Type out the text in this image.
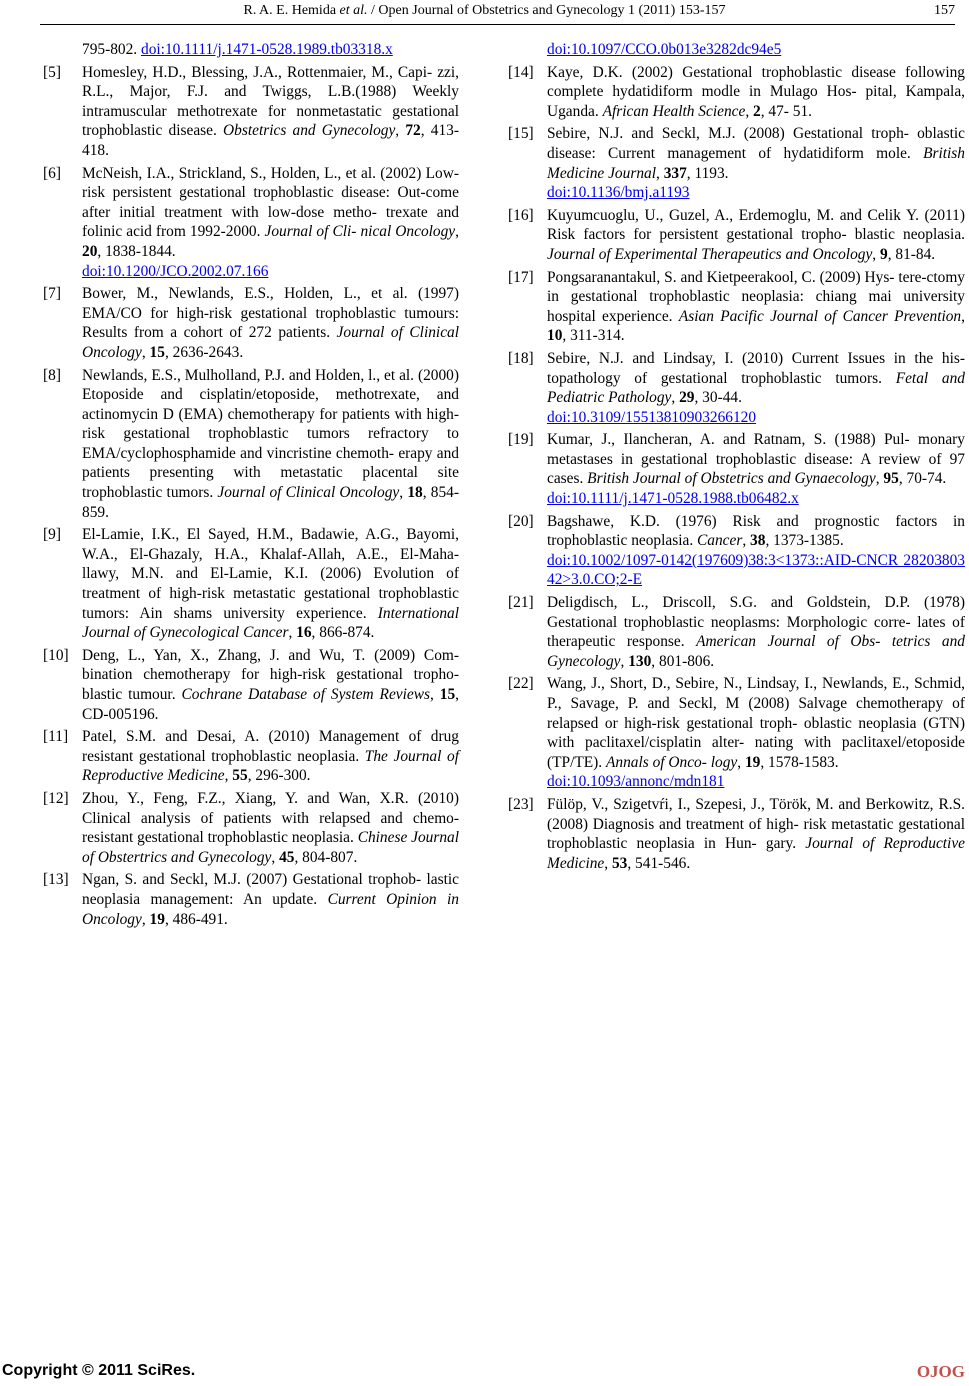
R. A. E. Hemida et al. / Open Journal of Obstetrics and Gynecology 1 (2011) 153-157	157
795-802. doi:10.1111/j.1471-0528.1989.tb03318.x
[5] Homesley, H.D., Blessing, J.A., Rottenmaier, M., Capi- zzi, R.L., Major, F.J. and Twiggs, L.B.(1988) Weekly intramuscular methotrexate for nonmetastatic gestational trophoblastic disease. Obstetrics and Gynecology, 72, 413- 418.
[6] McNeish, I.A., Strickland, S., Holden, L., et al. (2002) Low-risk persistent gestational trophoblastic disease: Out-come after initial treatment with low-dose metho- trexate and folinic acid from 1992-2000. Journal of Cli- nical Oncology, 20, 1838-1844.
doi:10.1200/JCO.2002.07.166
[7] Bower, M., Newlands, E.S., Holden, L., et al. (1997) EMA/CO for high-risk gestational trophoblastic tumours: Results from a cohort of 272 patients. Journal of Clinical Oncology, 15, 2636-2643.
[8] Newlands, E.S., Mulholland, P.J. and Holden, l., et al. (2000) Etoposide and cisplatin/etoposide, methotrexate, and actinomycin D (EMA) chemotherapy for patients with high-risk gestational trophoblastic tumors refractory to EMA/cyclophosphamide and vincristine chemoth- erapy and patients presenting with metastatic placental site trophoblastic tumors. Journal of Clinical Oncology, 18, 854-859.
[9] El-Lamie, I.K., El Sayed, H.M., Badawie, A.G., Bayomi, W.A., El-Ghazaly, H.A., Khalaf-Allah, A.E., El-Maha- llawy, M.N. and El-Lamie, K.I. (2006) Evolution of treatment of high-risk metastatic gestational trophoblastic tumors: Ain shams university experience. International Journal of Gynecological Cancer, 16, 866-874.
[10] Deng, L., Yan, X., Zhang, J. and Wu, T. (2009) Com- bination chemotherapy for high-risk gestational tropho- blastic tumour. Cochrane Database of System Reviews, 15, CD-005196.
[11] Patel, S.M. and Desai, A. (2010) Management of drug resistant gestational trophoblastic neoplasia. The Journal of Reproductive Medicine, 55, 296-300.
[12] Zhou, Y., Feng, F.Z., Xiang, Y. and Wan, X.R. (2010) Clinical analysis of patients with relapsed and chemo- resistant gestational trophoblastic neoplasia. Chinese Journal of Obstertrics and Gynecology, 45, 804-807.
[13] Ngan, S. and Seckl, M.J. (2007) Gestational trophob- lastic neoplasia management: An update. Current Opinion in Oncology, 19, 486-491.
doi:10.1097/CCO.0b013e3282dc94e5
[14] Kaye, D.K. (2002) Gestational trophoblastic disease following complete hydatidiform modle in Mulago Hos- pital, Kampala, Uganda. African Health Science, 2, 47- 51.
[15] Sebire, N.J. and Seckl, M.J. (2008) Gestational troph- oblastic disease: Current management of hydatidiform mole. British Medicine Journal, 337, 1193.
doi:10.1136/bmj.a1193
[16] Kuyumcuoglu, U., Guzel, A., Erdemoglu, M. and Celik Y. (2011) Risk factors for persistent gestational tropho- blastic neoplasia. Journal of Experimental Therapeutics and Oncology, 9, 81-84.
[17] Pongsaranantakul, S. and Kietpeerakool, C. (2009) Hys- tere-ctomy in gestational trophoblastic neoplasia: chiang mai university hospital experience. Asian Pacific Journal of Cancer Prevention, 10, 311-314.
[18] Sebire, N.J. and Lindsay, I. (2010) Current Issues in the his- topathology of gestational trophoblastic tumors. Fetal and Pediatric Pathology, 29, 30-44.
doi:10.3109/15513810903266120
[19] Kumar, J., Ilancheran, A. and Ratnam, S. (1988) Pul- monary metastases in gestational trophoblastic disease: A review of 97 cases. British Journal of Obstetrics and Gynaecology, 95, 70-74.
doi:10.1111/j.1471-0528.1988.tb06482.x
[20] Bagshawe, K.D. (1976) Risk and prognostic factors in trophoblastic neoplasia. Cancer, 38, 1373-1385.
doi:10.1002/1097-0142(197609)38:3<1373::AID-CNCR 2820380342>3.0.CO;2-E
[21] Deligdisch, L., Driscoll, S.G. and Goldstein, D.P. (1978) Gestational trophoblastic neoplasms: Morphologic corre- lates of therapeutic response. American Journal of Obs- tetrics and Gynecology, 130, 801-806.
[22] Wang, J., Short, D., Sebire, N., Lindsay, I., Newlands, E., Schmid, P., Savage, P. and Seckl, M (2008) Salvage chemotherapy of relapsed or high-risk gestational troph- oblastic neoplasia (GTN) with paclitaxel/cisplatin alter- nating with paclitaxel/etoposide (TP/TE). Annals of Onco- logy, 19, 1578-1583.
doi:10.1093/annonc/mdn181
[23] Fülöp, V., Szigetvŕi, I., Szepesi, J., Török, M. and Berkowitz, R.S. (2008) Diagnosis and treatment of high- risk metastatic gestational trophoblastic neoplasia in Hun- gary. Journal of Reproductive Medicine, 53, 541-546.
Copyright © 2011 SciRes.	OJOG
